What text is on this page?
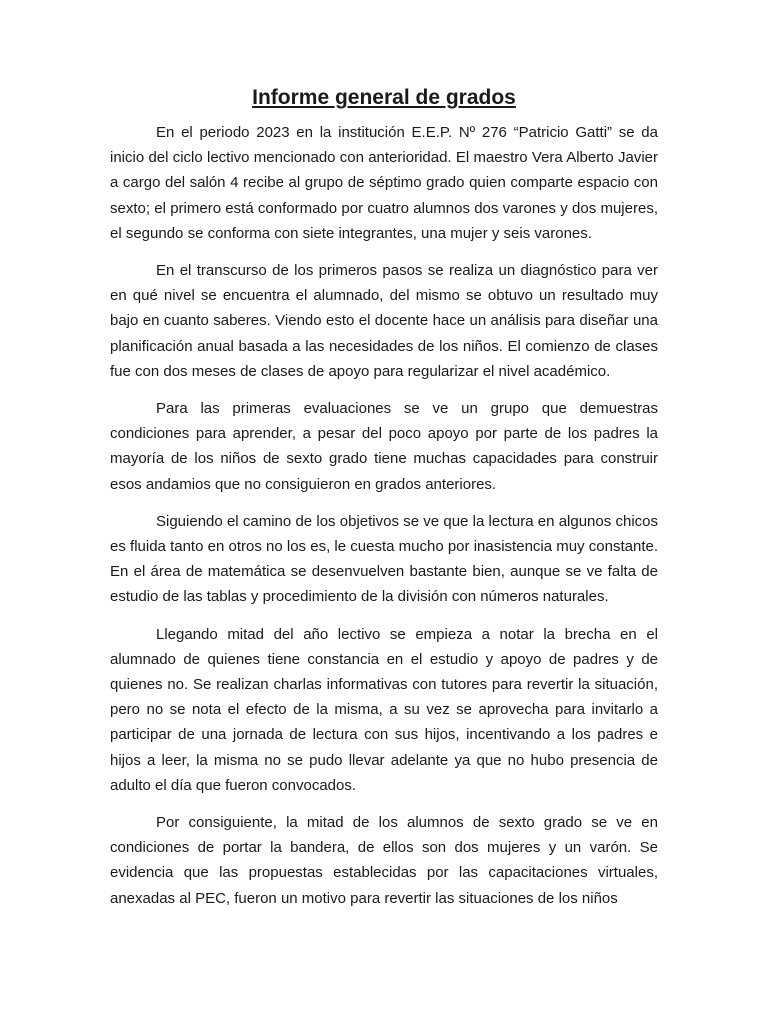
Informe general de grados

En el periodo 2023 en la institución E.E.P. Nº 276 “Patricio Gatti” se da inicio del ciclo lectivo mencionado con anterioridad. El maestro Vera Alberto Javier a cargo del salón 4 recibe al grupo de séptimo grado quien comparte espacio con sexto; el primero está conformado por cuatro alumnos dos varones y dos mujeres, el segundo se conforma con siete integrantes, una mujer y seis varones.

En el transcurso de los primeros pasos se realiza un diagnóstico para ver en qué nivel se encuentra el alumnado, del mismo se obtuvo un resultado muy bajo en cuanto saberes. Viendo esto el docente hace un análisis para diseñar una planificación anual basada a las necesidades de los niños. El comienzo de clases fue con dos meses de clases de apoyo para regularizar el nivel académico.

Para las primeras evaluaciones se ve un grupo que demuestras condiciones para aprender, a pesar del poco apoyo por parte de los padres la mayoría de los niños de sexto grado tiene muchas capacidades para construir esos andamios que no consiguieron en grados anteriores.

Siguiendo el camino de los objetivos se ve que la lectura en algunos chicos es fluida tanto en otros no los es, le cuesta mucho por inasistencia muy constante. En el área de matemática se desenvuelven bastante bien, aunque se ve falta de estudio de las tablas y procedimiento de la división con números naturales.

Llegando mitad del año lectivo se empieza a notar la brecha en el alumnado de quienes tiene constancia en el estudio y apoyo de padres y de quienes no. Se realizan charlas informativas con tutores para revertir la situación, pero no se nota el efecto de la misma, a su vez se aprovecha para invitarlo a participar de una jornada de lectura con sus hijos, incentivando a los padres e hijos a leer, la misma no se pudo llevar adelante ya que no hubo presencia de adulto el día que fueron convocados.

Por consiguiente, la mitad de los alumnos de sexto grado se ve en condiciones de portar la bandera, de ellos son dos mujeres y un varón. Se evidencia que las propuestas establecidas por las capacitaciones virtuales, anexadas al PEC, fueron un motivo para revertir las situaciones de los niños
